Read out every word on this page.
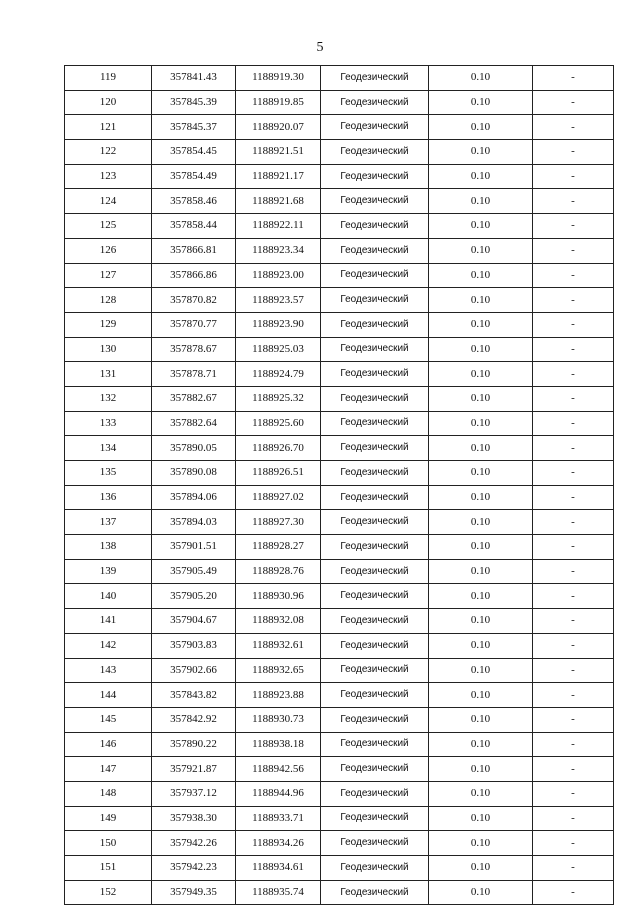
5
119	357841.43	1188919.30	Геодезический	0.10	-
120	357845.39	1188919.85	Геодезический	0.10	-
121	357845.37	1188920.07	Геодезический	0.10	-
122	357854.45	1188921.51	Геодезический	0.10	-
123	357854.49	1188921.17	Геодезический	0.10	-
124	357858.46	1188921.68	Геодезический	0.10	-
125	357858.44	1188922.11	Геодезический	0.10	-
126	357866.81	1188923.34	Геодезический	0.10	-
127	357866.86	1188923.00	Геодезический	0.10	-
128	357870.82	1188923.57	Геодезический	0.10	-
129	357870.77	1188923.90	Геодезический	0.10	-
130	357878.67	1188925.03	Геодезический	0.10	-
131	357878.71	1188924.79	Геодезический	0.10	-
132	357882.67	1188925.32	Геодезический	0.10	-
133	357882.64	1188925.60	Геодезический	0.10	-
134	357890.05	1188926.70	Геодезический	0.10	-
135	357890.08	1188926.51	Геодезический	0.10	-
136	357894.06	1188927.02	Геодезический	0.10	-
137	357894.03	1188927.30	Геодезический	0.10	-
138	357901.51	1188928.27	Геодезический	0.10	-
139	357905.49	1188928.76	Геодезический	0.10	-
140	357905.20	1188930.96	Геодезический	0.10	-
141	357904.67	1188932.08	Геодезический	0.10	-
142	357903.83	1188932.61	Геодезический	0.10	-
143	357902.66	1188932.65	Геодезический	0.10	-
144	357843.82	1188923.88	Геодезический	0.10	-
145	357842.92	1188930.73	Геодезический	0.10	-
146	357890.22	1188938.18	Геодезический	0.10	-
147	357921.87	1188942.56	Геодезический	0.10	-
148	357937.12	1188944.96	Геодезический	0.10	-
149	357938.30	1188933.71	Геодезический	0.10	-
150	357942.26	1188934.26	Геодезический	0.10	-
151	357942.23	1188934.61	Геодезический	0.10	-
152	357949.35	1188935.74	Геодезический	0.10	-
